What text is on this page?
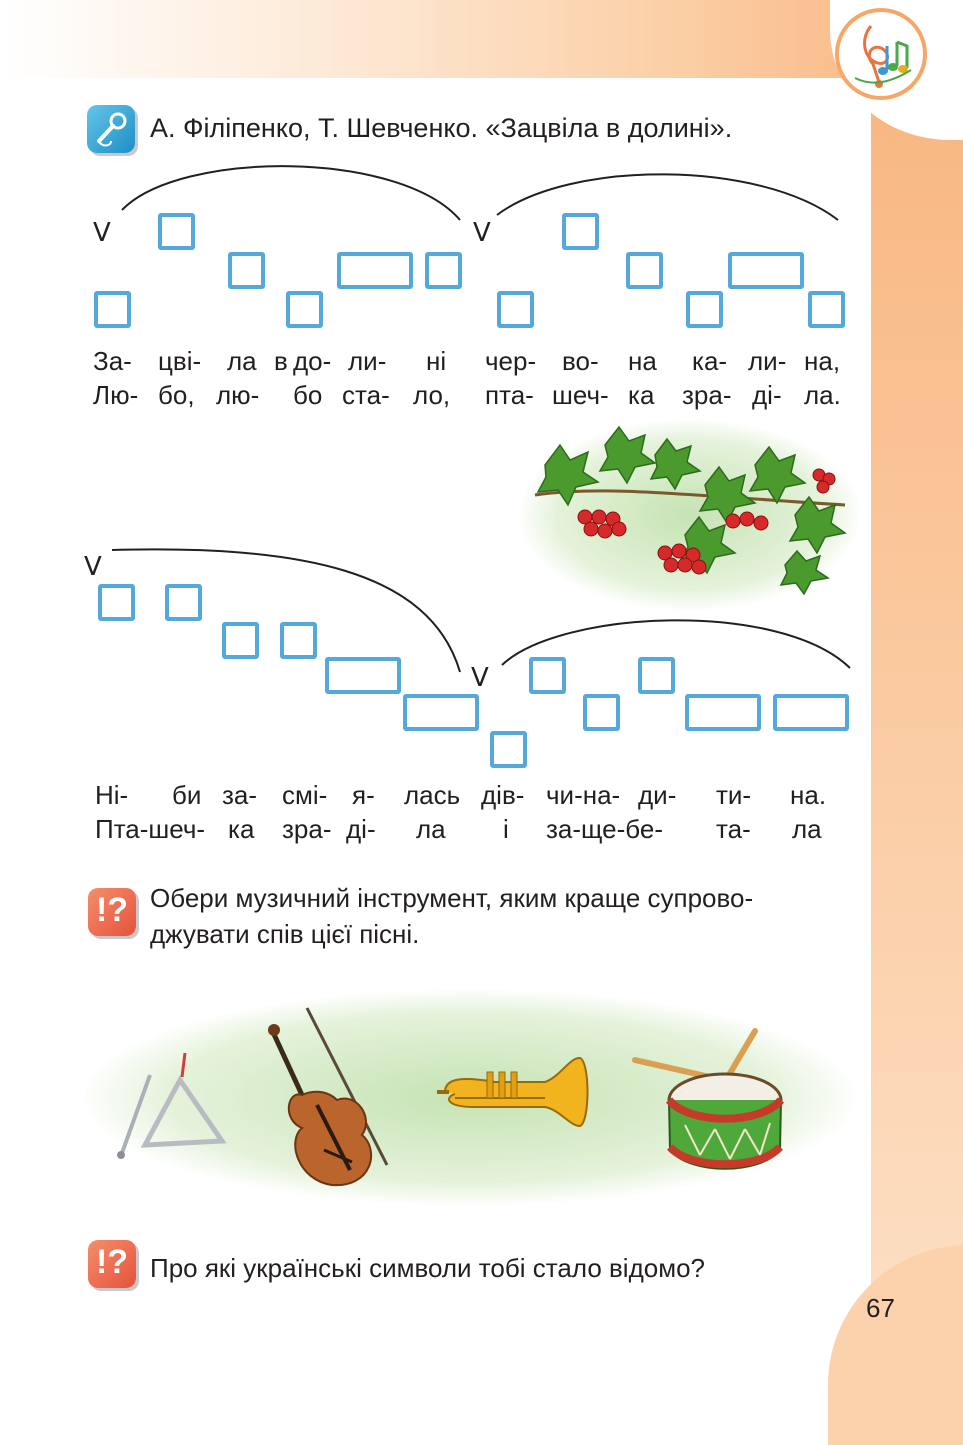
67
А. Філіпенко, Т. Шевченко. «Зацвіла в долині».
V	V
V
V
За- цві- ла в до- ли- ні чер- во- на ка- ли- на,
Лю- бо, лю- бо ста- ло, пта- шеч- ка зра- ді- ла.
Ні- би за- смі- я- лась дів- чи-на- ди- ти- на.
Пта-шеч- ка зра- ді- ла і за-ще-бе- та- ла
!? Обери музичний інструмент, яким краще супрово-
джувати спів цієї пісні.
!? Про які українські символи тобі стало відомо?
